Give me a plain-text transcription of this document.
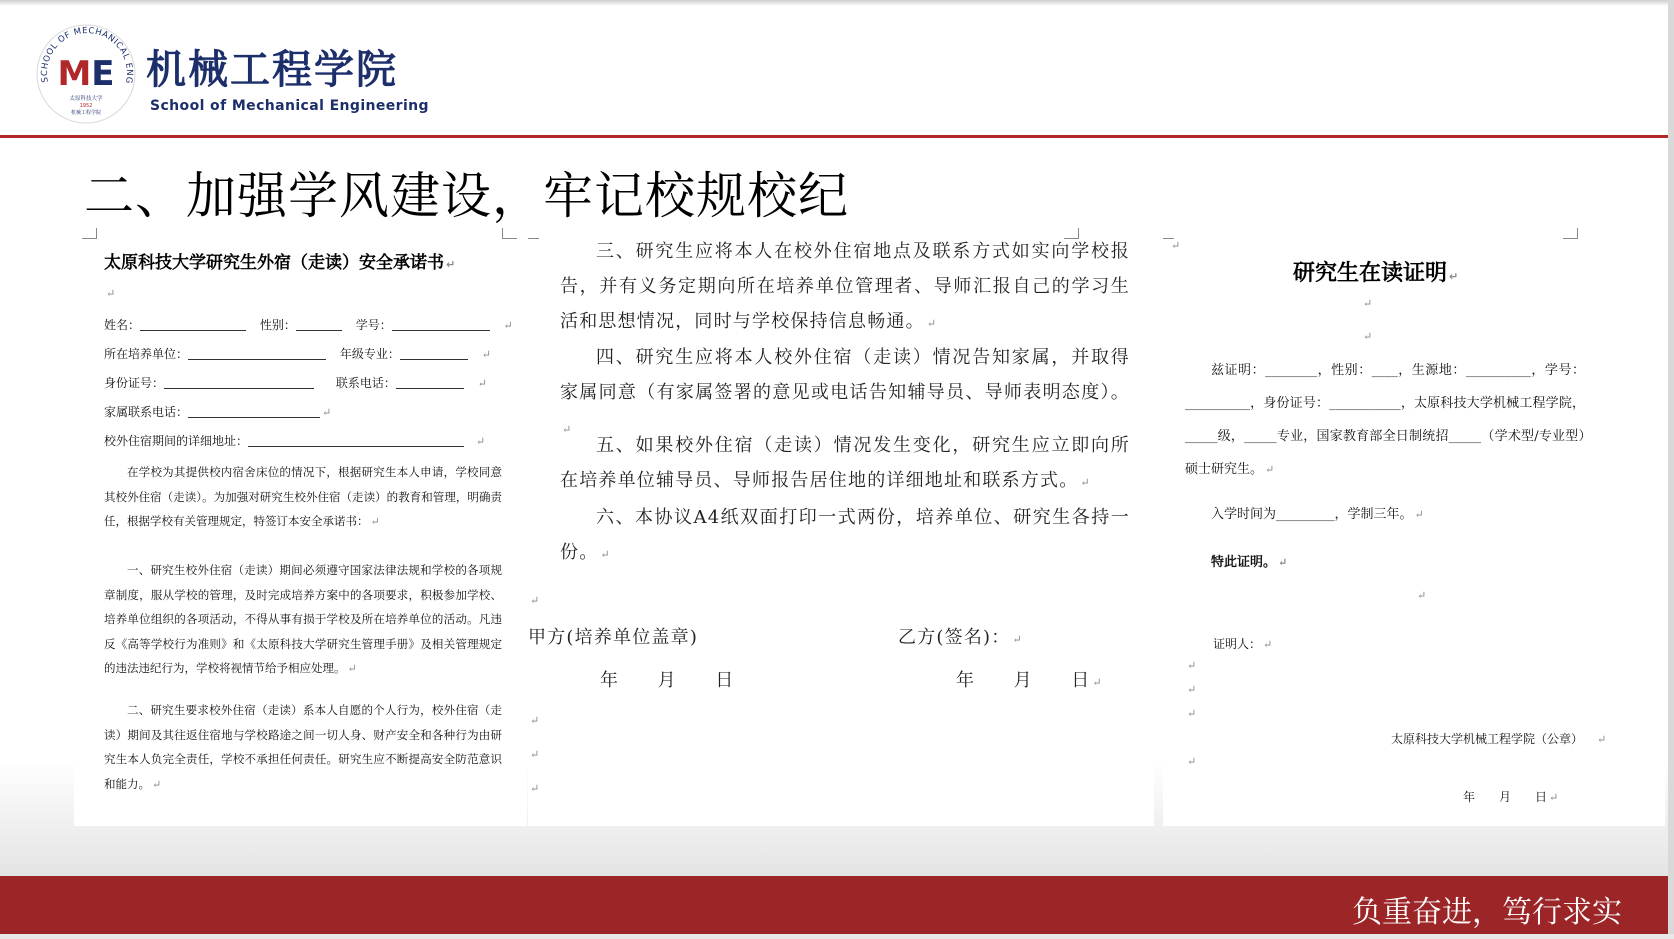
SCHOOL OF MECHANICAL ENG
ME
太原科技大学
1952
机械工程学院
机械工程学院
School of Mechanical Engineering
二、加强学风建设，牢记校规校纪
太原科技大学研究生外宿（走读）安全承诺书 ↵
↵
姓名：	性别：	学号：	↵
所在培养单位：	年级专业：	↵
身份证号：	联系电话：	↵
家属联系电话：	↵
校外住宿期间的详细地址：	↵
在学校为其提供校内宿舍床位的情况下，根据研究生本人申请，学校同意其校外住宿（走读）。为加强对研究生校外住宿（走读）的教育和管理，明确责任，根据学校有关管理规定，特签订本安全承诺书： ↵
一、研究生校外住宿（走读）期间必须遵守国家法律法规和学校的各项规章制度，服从学校的管理，及时完成培养方案中的各项要求，积极参加学校、培养单位组织的各项活动，不得从事有损于学校及所在培养单位的活动。凡违反《高等学校行为准则》和《太原科技大学研究生管理手册》及相关管理规定的违法违纪行为，学校将视情节给予相应处理。 ↵
二、研究生要求校外住宿（走读）系本人自愿的个人行为，校外住宿（走读）期间及其往返住宿地与学校路途之间一切人身、财产安全和各种行为由研究生本人负完全责任，学校不承担任何责任。研究生应不断提高安全防范意识和能力。 ↵
三、研究生应将本人在校外住宿地点及联系方式如实向学校报告，并有义务定期向所在培养单位管理者、导师汇报自己的学习生活和思想情况，同时与学校保持信息畅通。 ↵
四、研究生应将本人校外住宿（走读）情况告知家属，并取得家属同意（有家属签署的意见或电话告知辅导员、导师表明态度）。↵
五、如果校外住宿（走读）情况发生变化，研究生应立即向所在培养单位辅导员、导师报告居住地的详细地址和联系方式。 ↵
六、本协议A4纸双面打印一式两份，培养单位、研究生各持一份。 ↵
↵
甲方(培养单位盖章)	乙方(签名)： ↵
年　　月　　日	年　　月　　日 ↵
↵
↵
↵
↵
研究生在读证明 ↵
↵
↵
兹证明：________，性别：____，生源地：__________，学号：__________，身份证号：___________，太原科技大学机械工程学院，_____级，_____专业，国家教育部全日制统招_____（学术型/专业型）硕士研究生。 ↵
入学时间为_________，学制三年。 ↵
特此证明。 ↵
↵
证明人： ↵
↵
↵
↵
太原科技大学机械工程学院（公章） ↵
↵
年　　月　　日 ↵
负重奋进，笃行求实
